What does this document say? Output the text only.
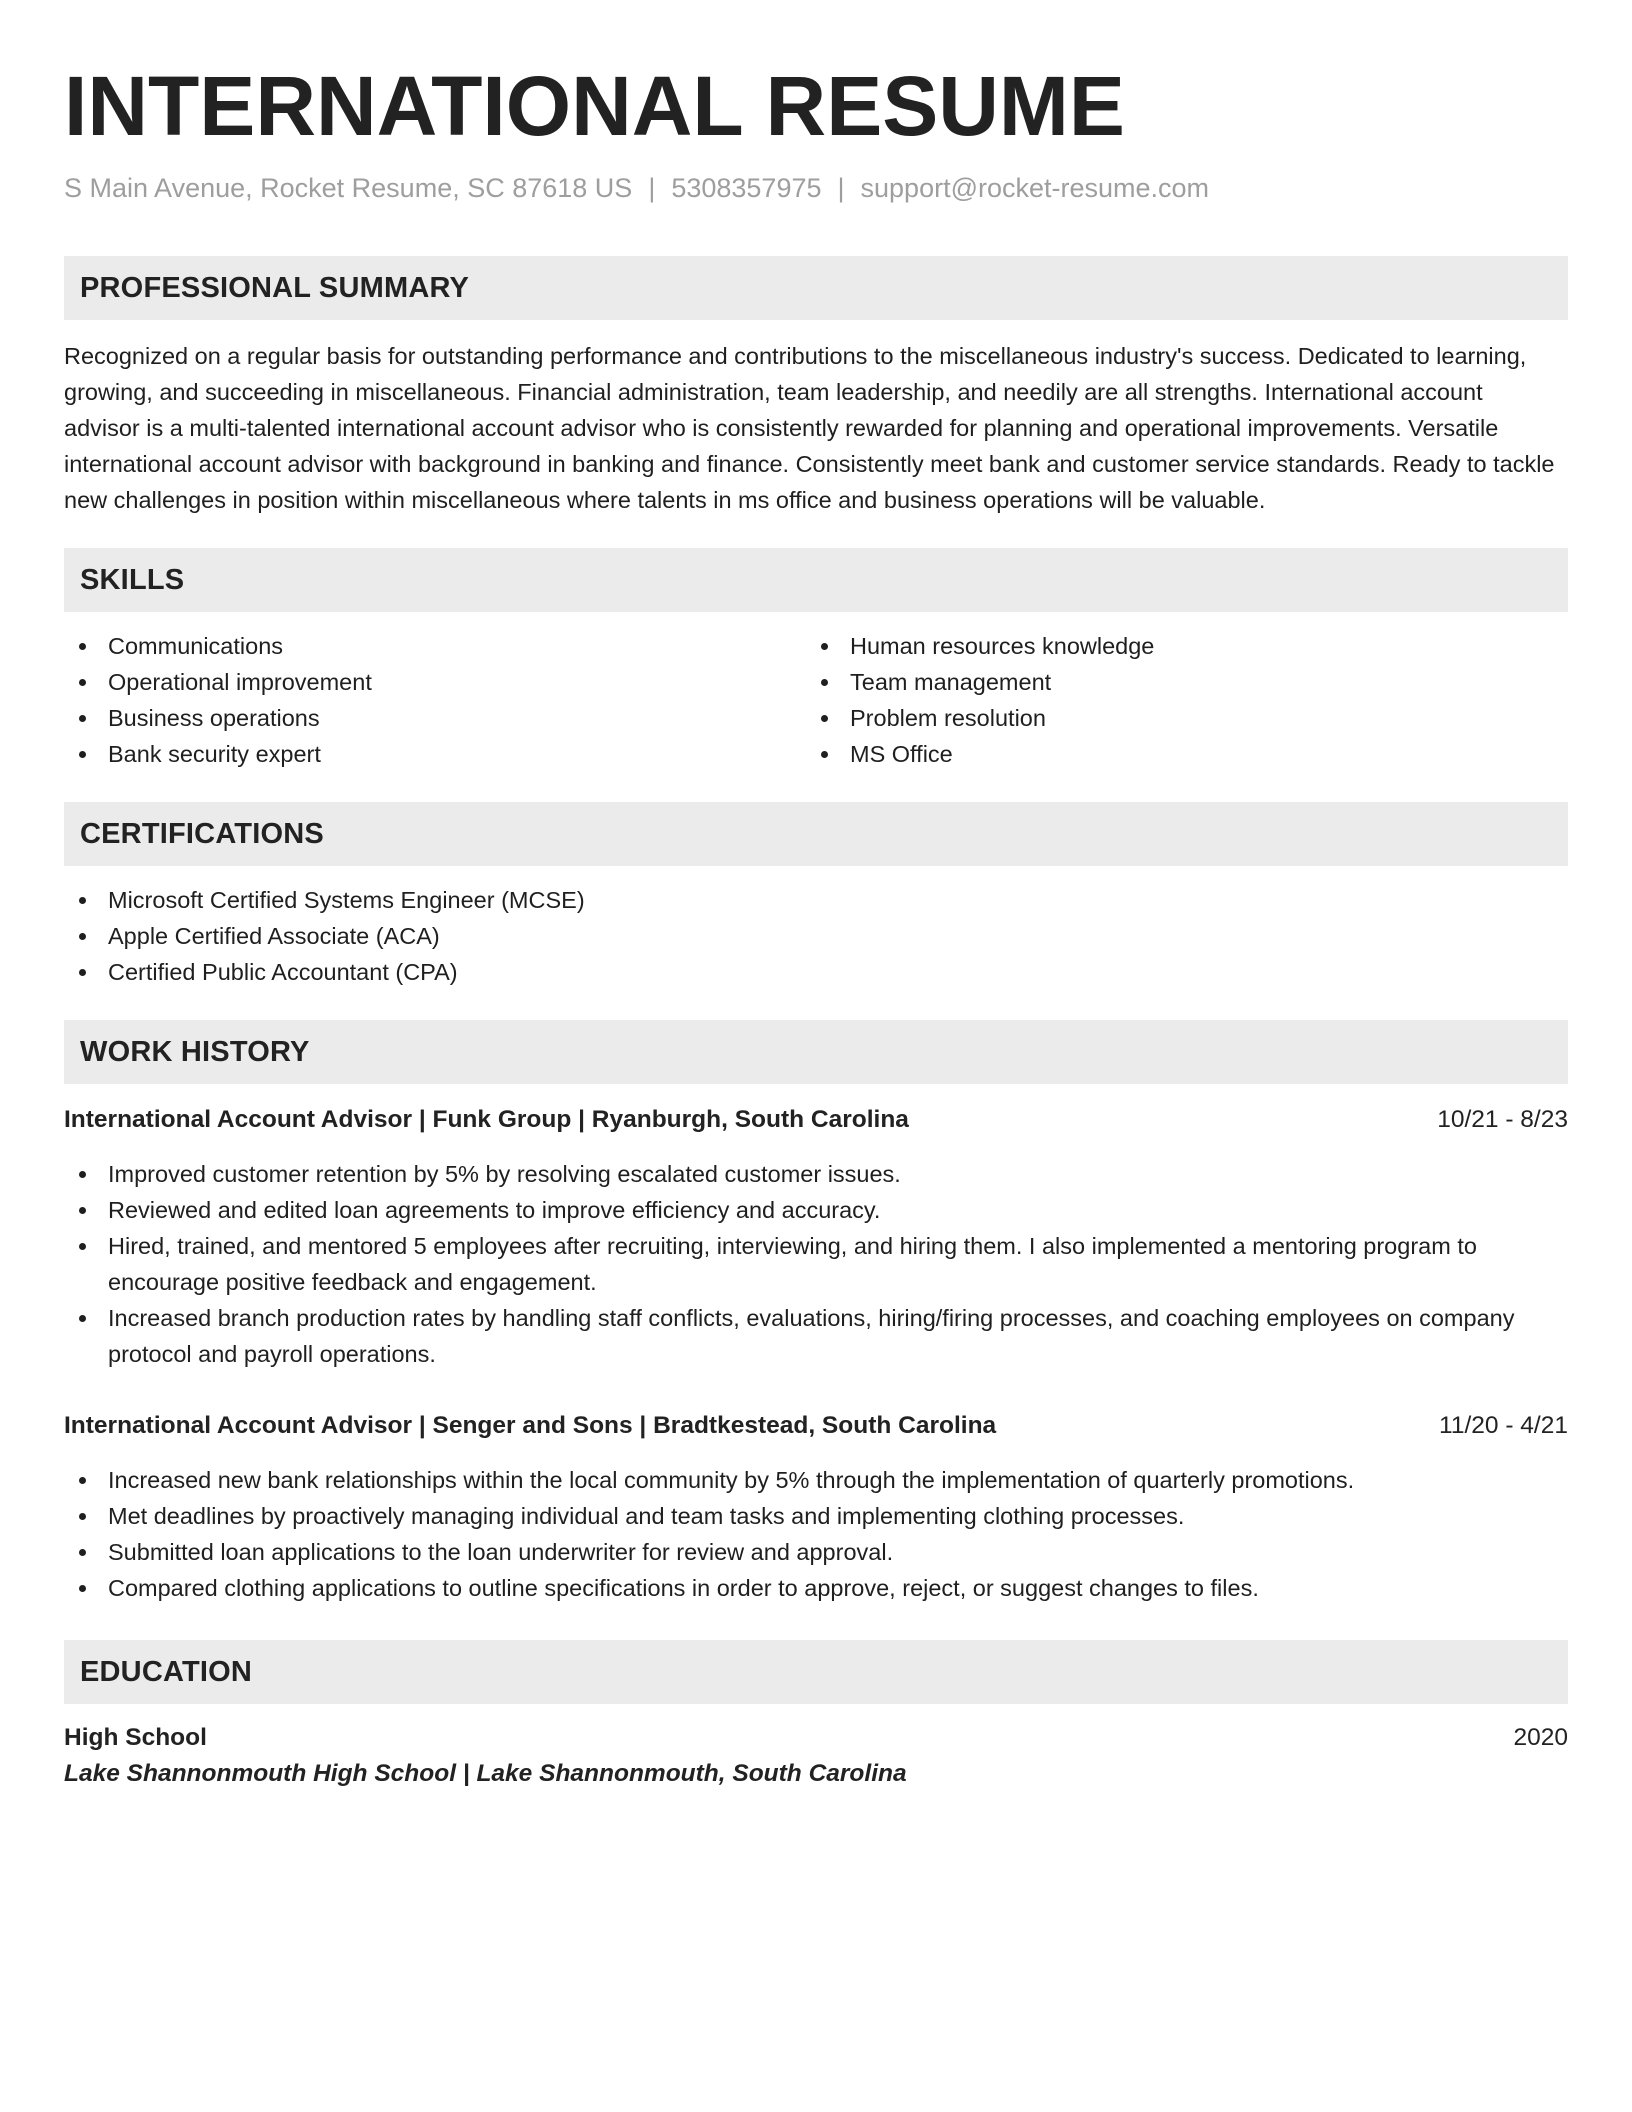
INTERNATIONAL RESUME
S Main Avenue, Rocket Resume, SC 87618 US | 5308357975 | support@rocket-resume.com
PROFESSIONAL SUMMARY

Recognized on a regular basis for outstanding performance and contributions to the miscellaneous industry's success. Dedicated to learning, growing, and succeeding in miscellaneous. Financial administration, team leadership, and needily are all strengths. International account advisor is a multi-talented international account advisor who is consistently rewarded for planning and operational improvements. Versatile international account advisor with background in banking and finance. Consistently meet bank and customer service standards. Ready to tackle new challenges in position within miscellaneous where talents in ms office and business operations will be valuable.

SKILLS
Communications
Operational improvement
Business operations
Bank security expert
Human resources knowledge
Team management
Problem resolution
MS Office
CERTIFICATIONS
Microsoft Certified Systems Engineer (MCSE)
Apple Certified Associate (ACA)
Certified Public Accountant (CPA)
WORK HISTORY
International Account Advisor | Funk Group | Ryanburgh, South Carolina	10/21 - 8/23
Improved customer retention by 5% by resolving escalated customer issues.
Reviewed and edited loan agreements to improve efficiency and accuracy.
Hired, trained, and mentored 5 employees after recruiting, interviewing, and hiring them. I also implemented a mentoring program to encourage positive feedback and engagement.
Increased branch production rates by handling staff conflicts, evaluations, hiring/firing processes, and coaching employees on company protocol and payroll operations.
International Account Advisor | Senger and Sons | Bradtkestead, South Carolina	11/20 - 4/21
Increased new bank relationships within the local community by 5% through the implementation of quarterly promotions.
Met deadlines by proactively managing individual and team tasks and implementing clothing processes.
Submitted loan applications to the loan underwriter for review and approval.
Compared clothing applications to outline specifications in order to approve, reject, or suggest changes to files.
EDUCATION
High School	2020
Lake Shannonmouth High School | Lake Shannonmouth, South Carolina
